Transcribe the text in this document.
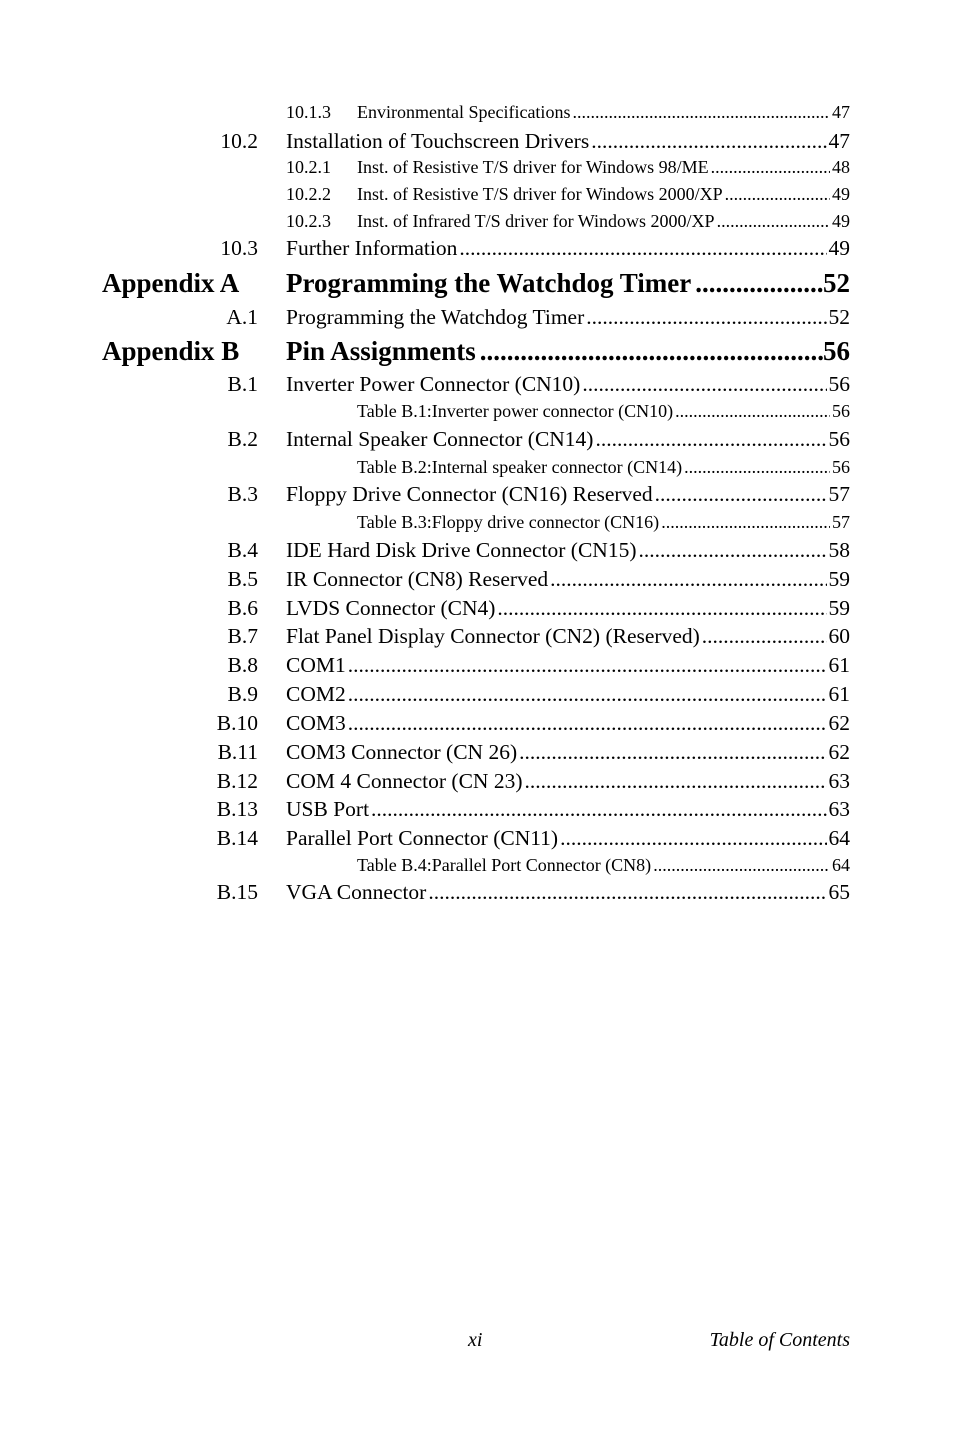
10.1.3	Environmental Specifications .....	47
10.2 Installation of Touchscreen Drivers .....	47
10.2.1	Inst. of Resistive T/S driver for Windows 98/ME .....	48
10.2.2	Inst. of Resistive T/S driver for Windows 2000/XP .....	49
10.2.3	Inst. of Infrared T/S driver for Windows 2000/XP .....	49
10.3 Further Information .....	49
Appendix A Programming the Watchdog Timer .....	52
A.1 Programming the Watchdog Timer .....	52
Appendix B Pin Assignments .....	56
B.1 Inverter Power Connector (CN10) .....	56
Table B.1:Inverter power connector (CN10) .....	56
B.2 Internal Speaker Connector (CN14) .....	56
Table B.2:Internal speaker connector (CN14) .....	56
B.3 Floppy Drive Connector (CN16) Reserved .....	57
Table B.3:Floppy drive connector (CN16) .....	57
B.4 IDE Hard Disk Drive Connector (CN15) .....	58
B.5 IR Connector (CN8) Reserved .....	59
B.6 LVDS Connector (CN4) .....	59
B.7 Flat Panel Display Connector (CN2) (Reserved) .....	60
B.8 COM1 .....	61
B.9 COM2 .....	61
B.10 COM3 .....	62
B.11 COM3 Connector (CN 26) .....	62
B.12 COM 4 Connector (CN 23) .....	63
B.13 USB Port .....	63
B.14 Parallel Port Connector (CN11) .....	64
Table B.4:Parallel Port Connector (CN8) .....	64
B.15 VGA Connector .....	65
xi	Table of Contents
